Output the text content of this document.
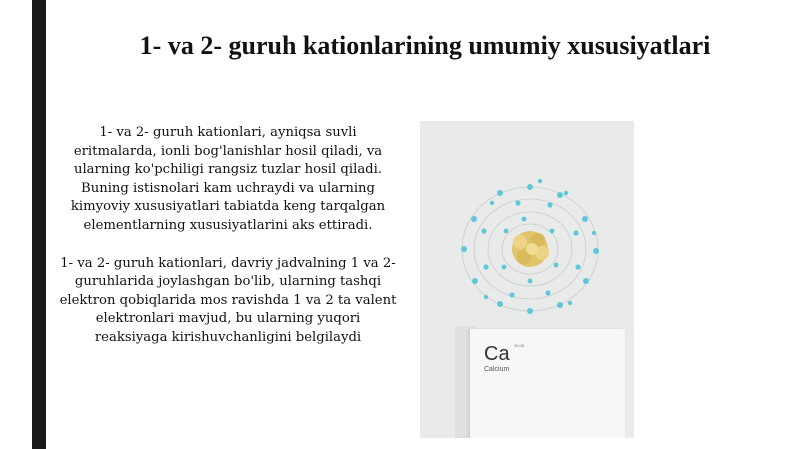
1- va 2- guruh kationlarining umumiy xususiyatlari

1- va 2- guruh kationlari, ayniqsa suvli eritmalarda, ionli bog'lanishlar hosil qiladi, va ularning ko'pchiligi rangsiz tuzlar hosil qiladi. Buning istisnolari kam uchraydi va ularning kimyoviy xususiyatlari tabiatda keng tarqalgan elementlarning xususiyatlarini aks ettiradi.

1- va 2- guruh kationlari, davriy jadvalning 1 va 2- guruhlarida joylashgan bo'lib, ularning tashqi elektron qobiqlarida mos ravishda 1 va 2 ta valent elektronlari mavjud, bu ularning yuqori reaksiyaga kirishuvchanligini belgilaydi

Ca 40.08
Calcium
